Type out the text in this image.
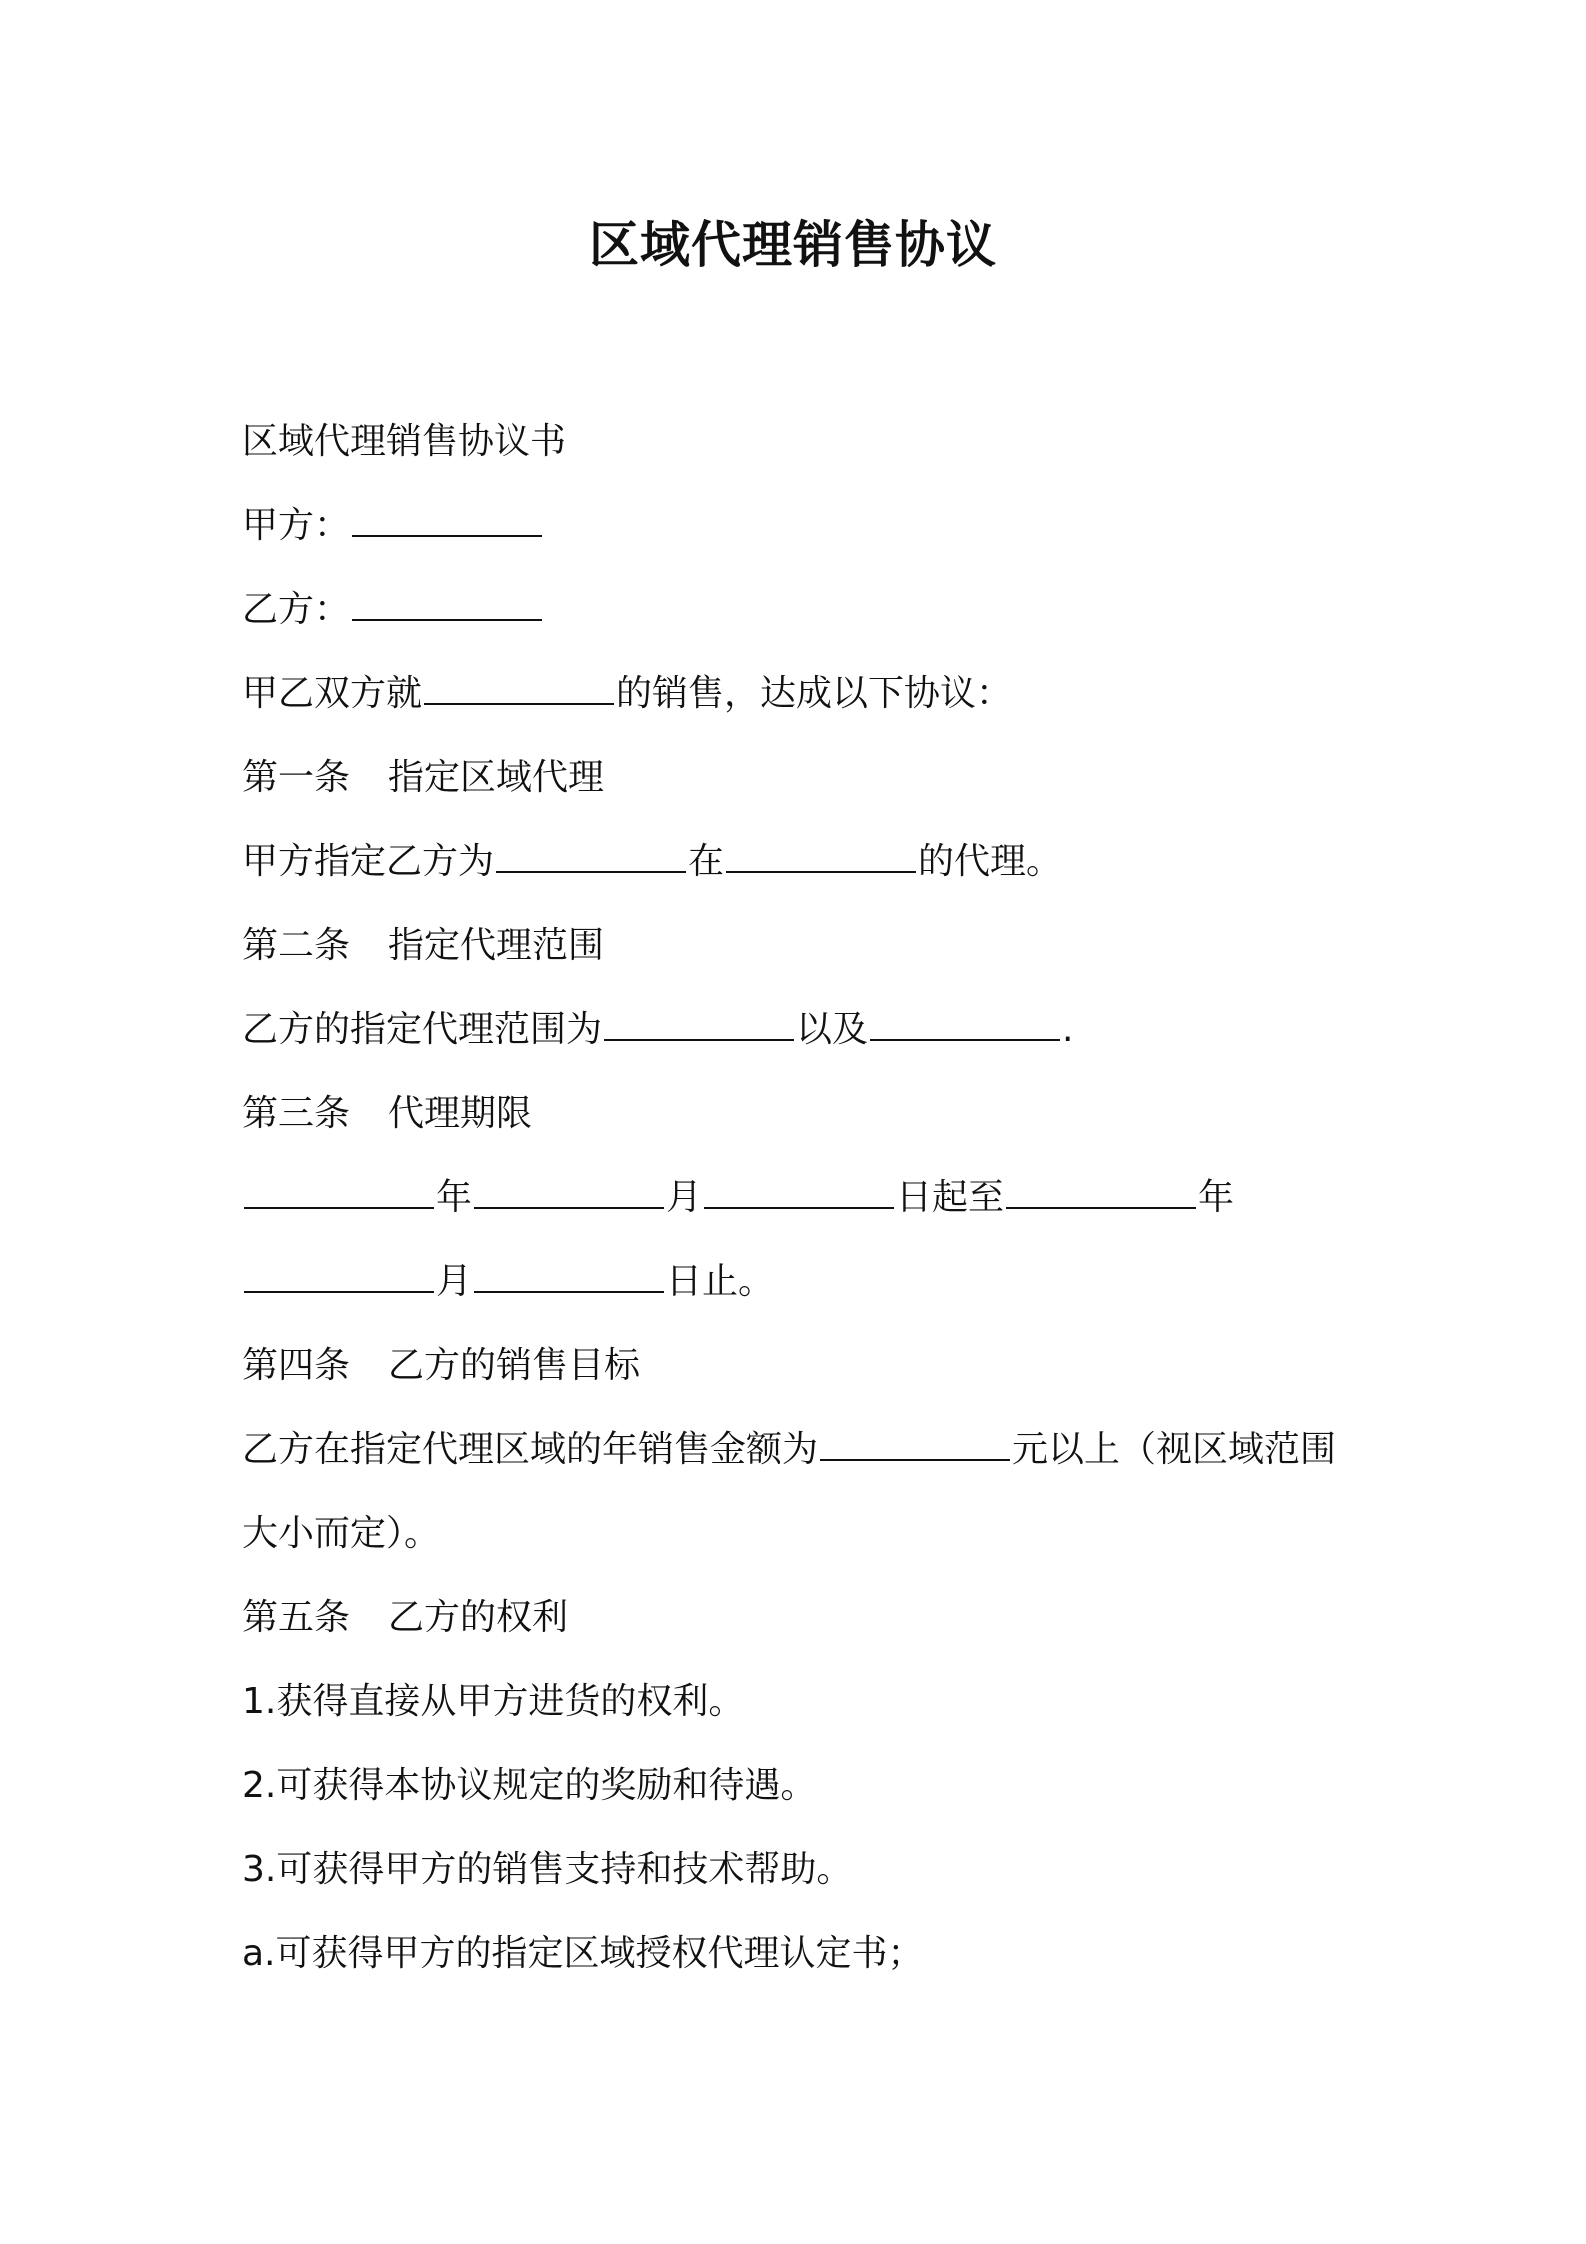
区域代理销售协议
区域代理销售协议书
甲方：
乙方：
甲乙双方就	的销售，达成以下协议：
第一条 指定区域代理
甲方指定乙方为	在	的代理。
第二条 指定代理范围
乙方的指定代理范围为	以及	.
第三条 代理期限
年	月	日起至	年
月	日止。
第四条 乙方的销售目标
乙方在指定代理区域的年销售金额为	元以上（视区域范围
大小而定）。
第五条 乙方的权利
1.获得直接从甲方进货的权利。
2.可获得本协议规定的奖励和待遇。
3.可获得甲方的销售支持和技术帮助。
a.可获得甲方的指定区域授权代理认定书；
